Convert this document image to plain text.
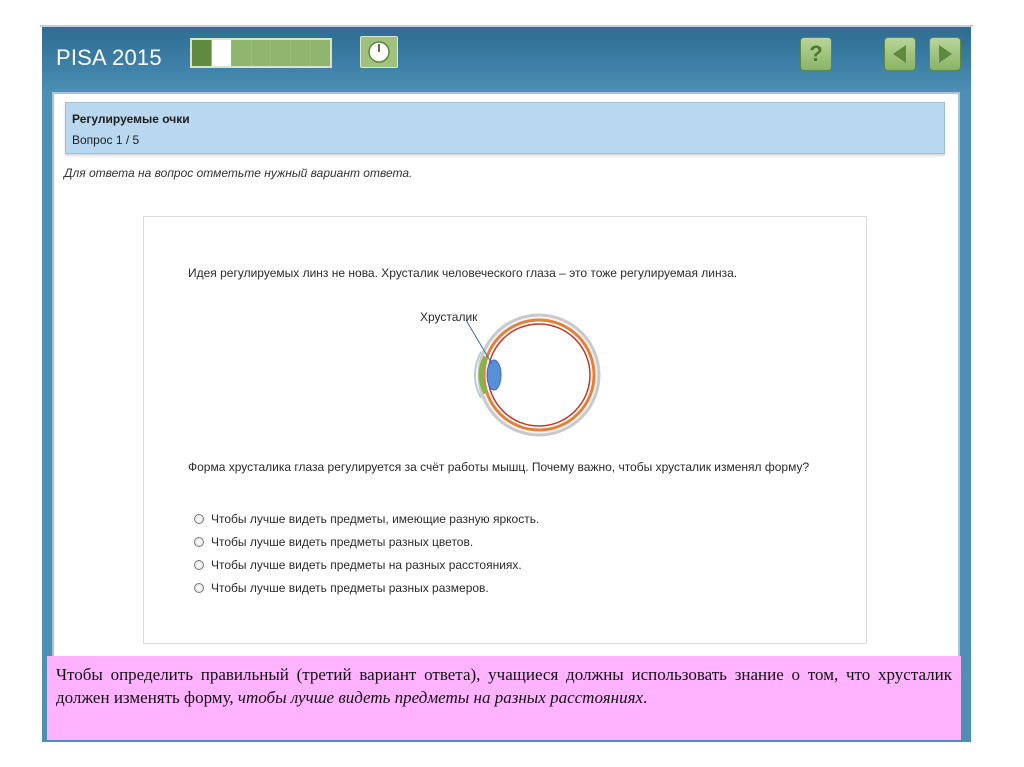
PISA 2015	?
Регулируемые очки
Вопрос 1 / 5
Для ответа на вопрос отметьте нужный вариант ответа.
Идея регулируемых линз не нова. Хрусталик человеческого глаза – это тоже регулируемая линза.
Хрусталик
Форма хрусталика глаза регулируется за счёт работы мышц. Почему важно, чтобы хрусталик изменял форму?
Чтобы лучше видеть предметы, имеющие разную яркость.
Чтобы лучше видеть предметы разных цветов.
Чтобы лучше видеть предметы на разных расстояниях.
Чтобы лучше видеть предметы разных размеров.
Чтобы определить правильный (третий вариант ответа), учащиеся должны использовать знание о том, что хрусталик должен изменять форму, чтобы лучше видеть предметы на разных расстояниях.
